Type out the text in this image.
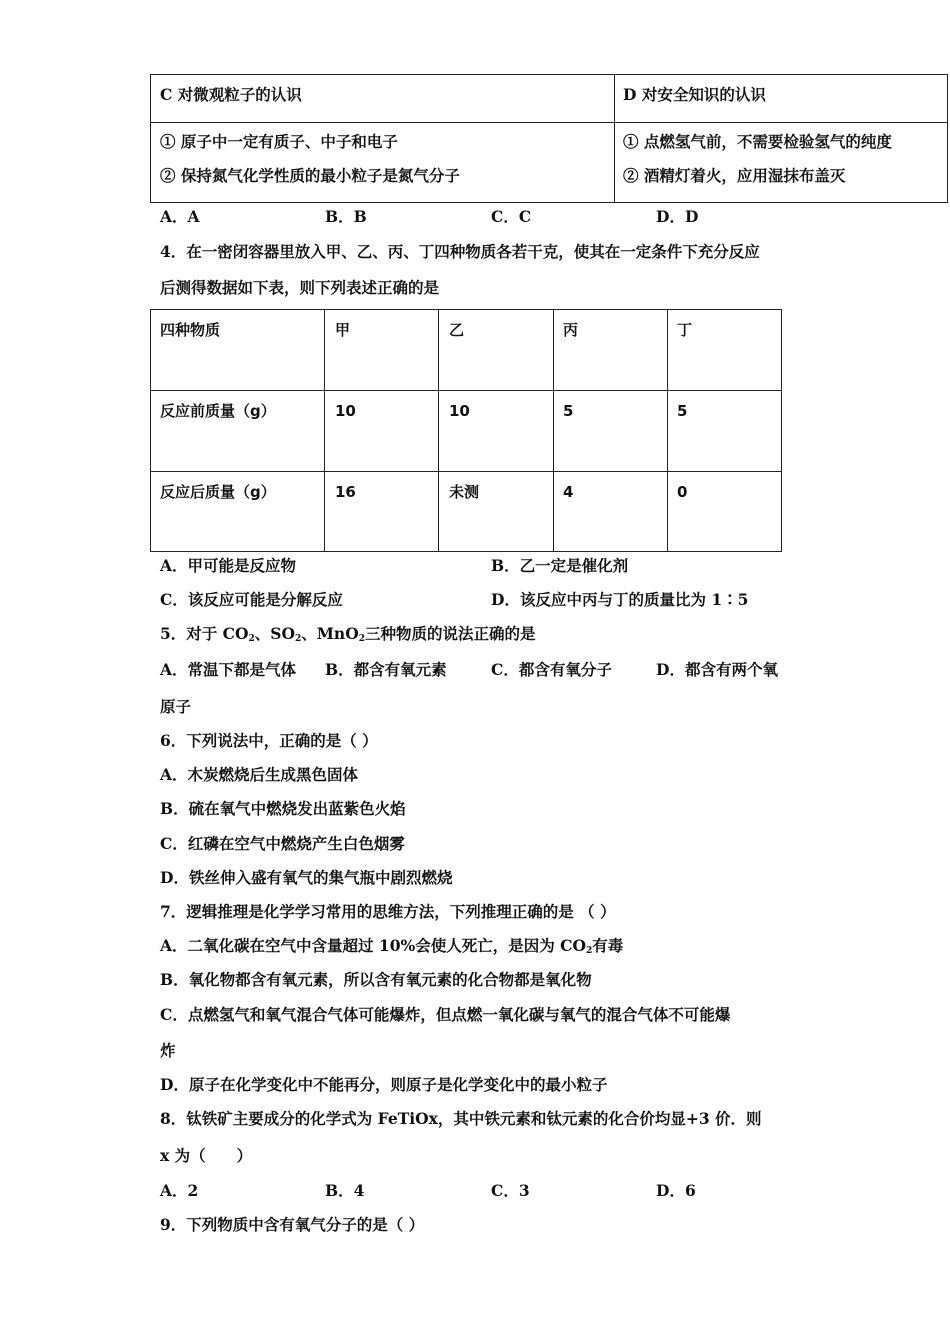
C 对微观粒子的认识	D 对安全知识的认识
① 原子中一定有质子、中子和电子
② 保持氮气化学性质的最小粒子是氮气分子
① 点燃氢气前，不需要检验氢气的纯度
② 酒精灯着火，应用湿抹布盖灭
A．A	B．B	C．C	D．D
4．在一密闭容器里放入甲、乙、丙、丁四种物质各若干克，使其在一定条件下充分反应
后测得数据如下表，则下列表述正确的是
四种物质	甲	乙	丙	丁
反应前质量（g）	10	10	5	5
反应后质量（g）	16	未测	4	0
A．甲可能是反应物	B．乙一定是催化剂
C．该反应可能是分解反应	D．该反应中丙与丁的质量比为 1∶5
5．对于 $CO_2$、$SO_2$、MnO$_2$三种物质的说法正确的是
A．常温下都是气体 B．都含有氧元素	C．都含有氧分子	D．都含有两个氧
原子
6．下列说法中，正确的是（ ）
A．木炭燃烧后生成黑色固体
B．硫在氧气中燃烧发出蓝紫色火焰
C．红磷在空气中燃烧产生白色烟雾
D．铁丝伸入盛有氧气的集气瓶中剧烈燃烧
7．逻辑推理是化学学习常用的思维方法，下列推理正确的是 （ ）
A．二氧化碳在空气中含量超过 10%会使人死亡，是因为 $CO_2$有毒
B．氧化物都含有氧元素，所以含有氧元素的化合物都是氧化物
C．点燃氢气和氧气混合气体可能爆炸，但点燃一氧化碳与氧气的混合气体不可能爆
炸
D．原子在化学变化中不能再分，则原子是化学变化中的最小粒子
8．钛铁矿主要成分的化学式为 FeTiOx，其中铁元素和钛元素的化合价均显+3 价．则
x 为（　　）
A．2	B．4	C．3	D．6
9．下列物质中含有氧气分子的是（ ）
